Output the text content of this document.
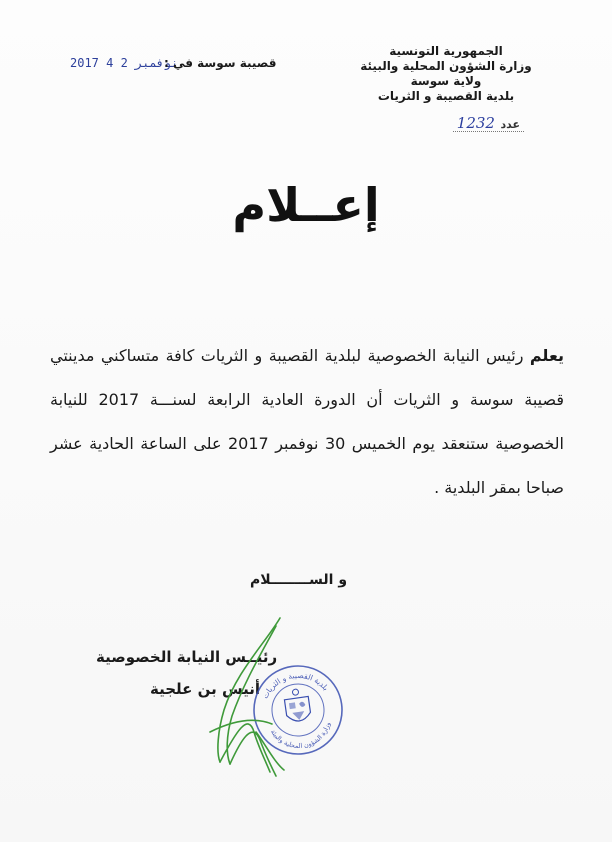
الجمهورية التونسية
وزارة الشؤون المحلية والبيئة
ولاية سوسة
بلدية القصيبة و الثريات
عدد 1232
2017 نوفمبر 2 4
قصيبة سوسة في :
إعــلام
يعلم رئيس النيابة الخصوصية لبلدية القصيبة و الثريات كافة متساكني مدينتي قصيبة سوسة و الثريات أن الدورة العادية الرابعة لسنـــة 2017 للنيابة الخصوصية ستنعقد يوم الخميس 30 نوفمبر 2017 على الساعة الحادية عشر صباحا بمقر البلدية .
و الســــــــلام
رئيــس النيابة الخصوصية
أنيس بن علجية بلدية القصيبة و الثريات
وزارة الشؤون المحلية والبيئة
